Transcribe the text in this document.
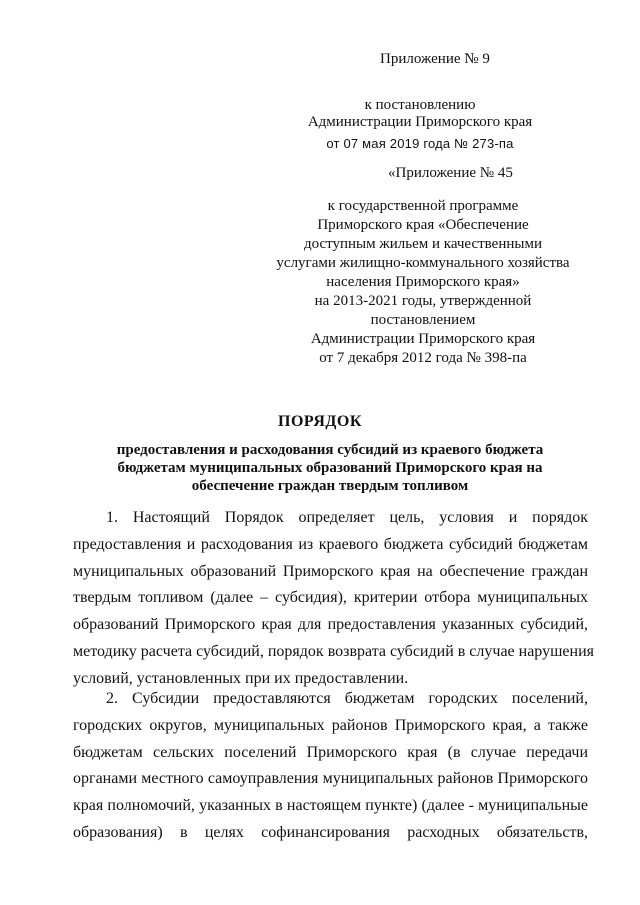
Приложение № 9
к постановлению
Администрации Приморского края
от 07 мая 2019 года № 273-па
«Приложение № 45
к государственной программе
Приморского края «Обеспечение
доступным жильем и качественными
услугами жилищно-коммунального хозяйства
населения Приморского края»
на 2013-2021 годы, утвержденной
постановлением
Администрации Приморского края
от 7 декабря 2012 года № 398-па
ПОРЯДОК
предоставления и расходования субсидий из краевого бюджета
бюджетам муниципальных образований Приморского края на
обеспечение граждан твердым топливом
1. Настоящий Порядок определяет цель, условия и порядок
предоставления и расходования из краевого бюджета субсидий бюджетам
муниципальных образований Приморского края на обеспечение граждан
твердым топливом (далее – субсидия), критерии отбора муниципальных
образований Приморского края для предоставления указанных субсидий,
методику расчета субсидий, порядок возврата субсидий в случае нарушения
условий, установленных при их предоставлении.
2. Субсидии предоставляются бюджетам городских поселений,
городских округов, муниципальных районов Приморского края, а также
бюджетам сельских поселений Приморского края (в случае передачи
органами местного самоуправления муниципальных районов Приморского
края полномочий, указанных в настоящем пункте) (далее - муниципальные
образования) в целях софинансирования расходных обязательств,
